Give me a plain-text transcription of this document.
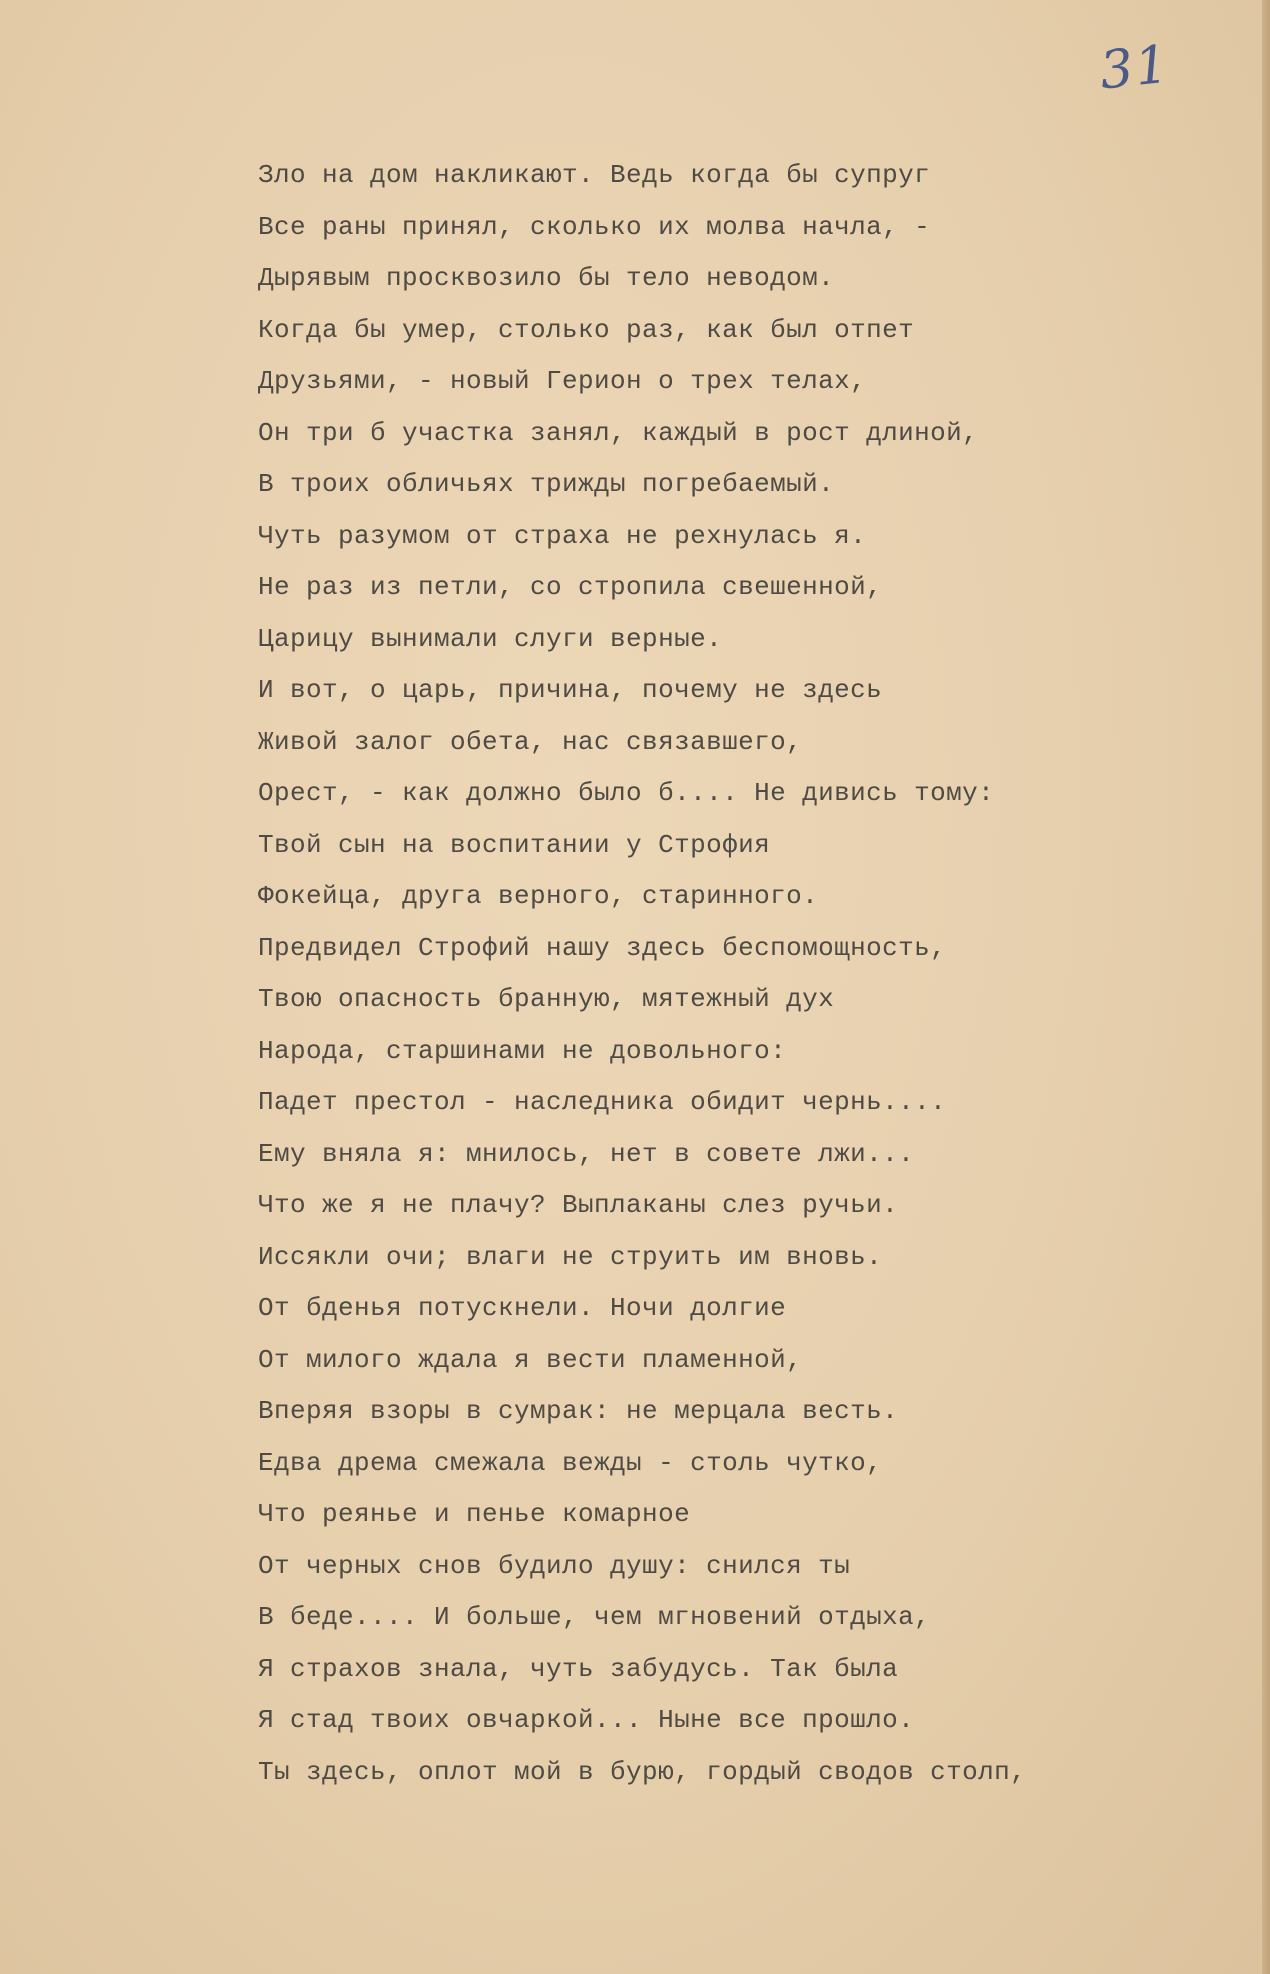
31
Зло на дом накликают. Ведь когда бы супруг
Все раны принял, сколько их молва начла, -
Дырявым просквозило бы тело неводом.
Когда бы умер, столько раз, как был отпет
Друзьями, - новый Герион о трех телах,
Он три б участка занял, каждый в рост длиной,
В троих обличьях трижды погребаемый.
Чуть разумом от страха не рехнулась я.
Не раз из петли, со стропила свешенной,
Царицу вынимали слуги верные.
И вот, о царь, причина, почему не здесь
Живой залог обета, нас связавшего,
Орест, - как должно было б.... Не дивись тому:
Твой сын на воспитании у Строфия
Фокейца, друга верного, старинного.
Предвидел Строфий нашу здесь беспомощность,
Твою опасность бранную, мятежный дух
Народа, старшинами не довольного:
Падет престол - наследника обидит чернь....
Ему вняла я: мнилось, нет в совете лжи...
Что же я не плачу? Выплаканы слез ручьи.
Иссякли очи; влаги не струить им вновь.
От бденья потускнели. Ночи долгие
От милого ждала я вести пламенной,
Вперяя взоры в сумрак: не мерцала весть.
Едва дрема смежала вежды - столь чутко,
Что реянье и пенье комарное
От черных снов будило душу: снился ты
В беде.... И больше, чем мгновений отдыха,
Я страхов знала, чуть забудусь. Так была
Я стад твоих овчаркой... Ныне все прошло.
Ты здесь, оплот мой в бурю, гордый сводов столп,
